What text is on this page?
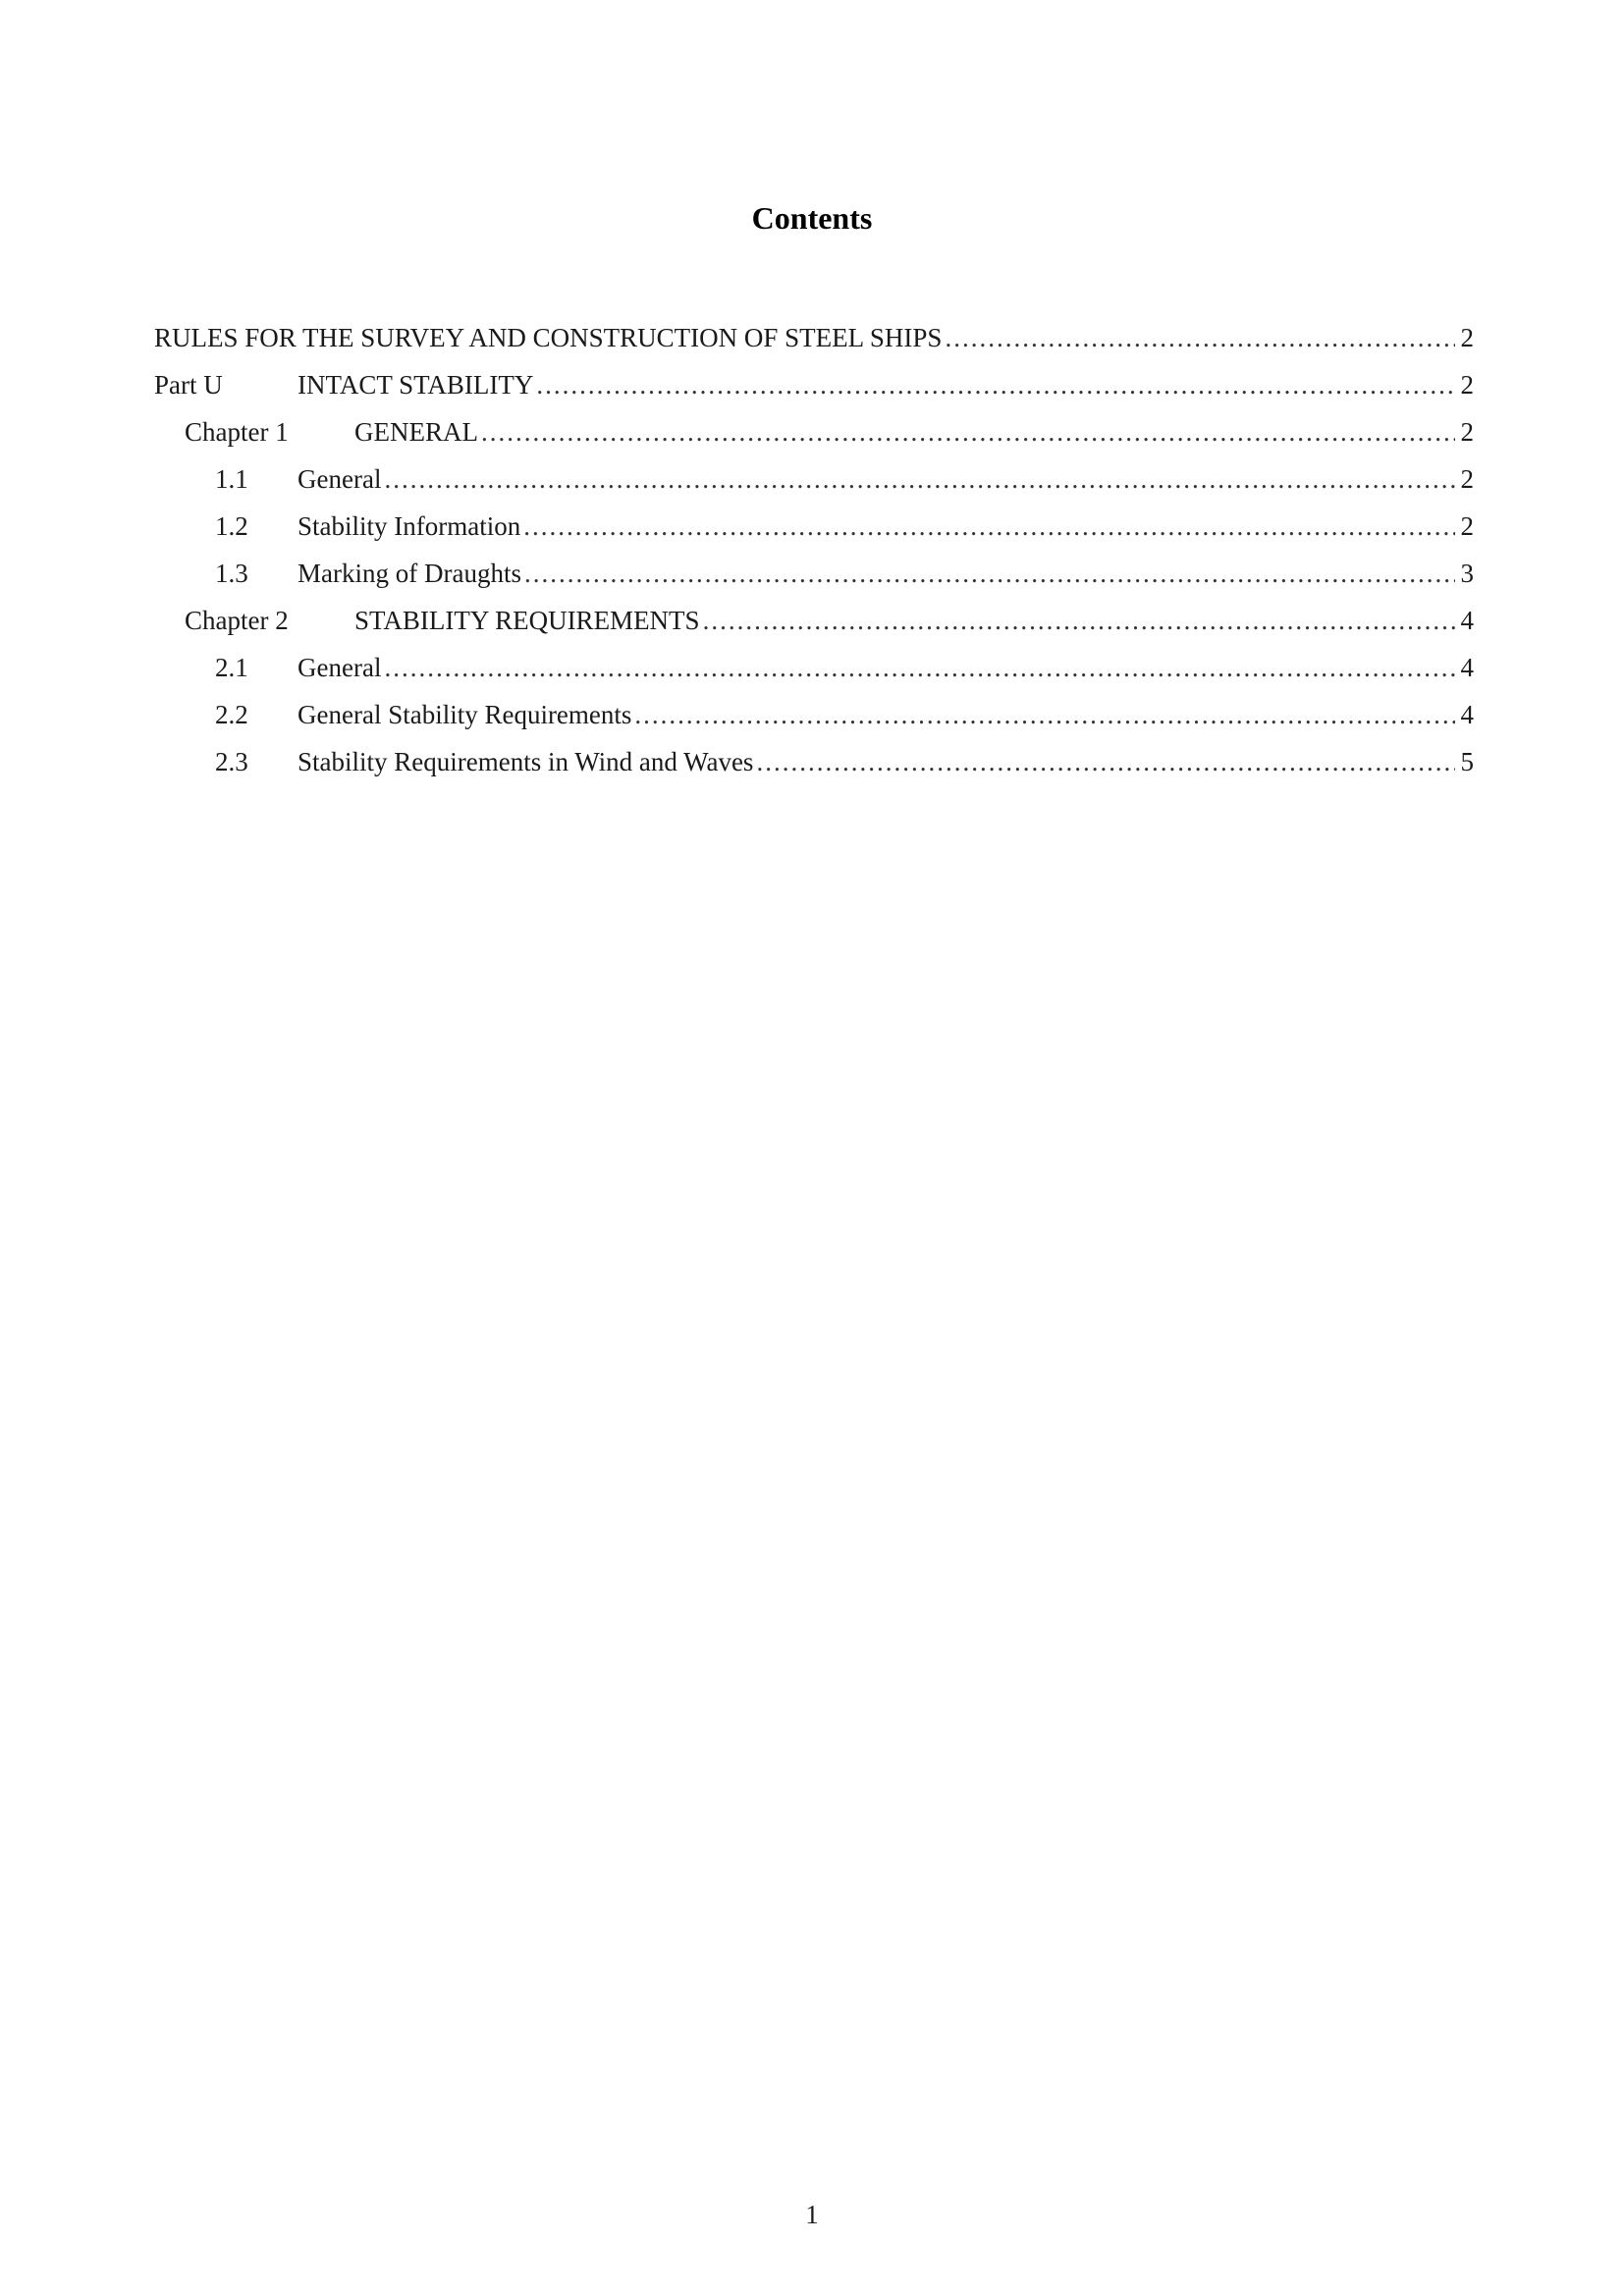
Contents
RULES FOR THE SURVEY AND CONSTRUCTION OF STEEL SHIPS .....	2
Part U	INTACT STABILITY .....	2
Chapter 1	GENERAL .....	2
1.1	General .....	2
1.2	Stability Information .....	2
1.3	Marking of Draughts .....	3
Chapter 2	STABILITY REQUIREMENTS .....	4
2.1	General .....	4
2.2	General Stability Requirements .....	4
2.3	Stability Requirements in Wind and Waves .....	5
1
